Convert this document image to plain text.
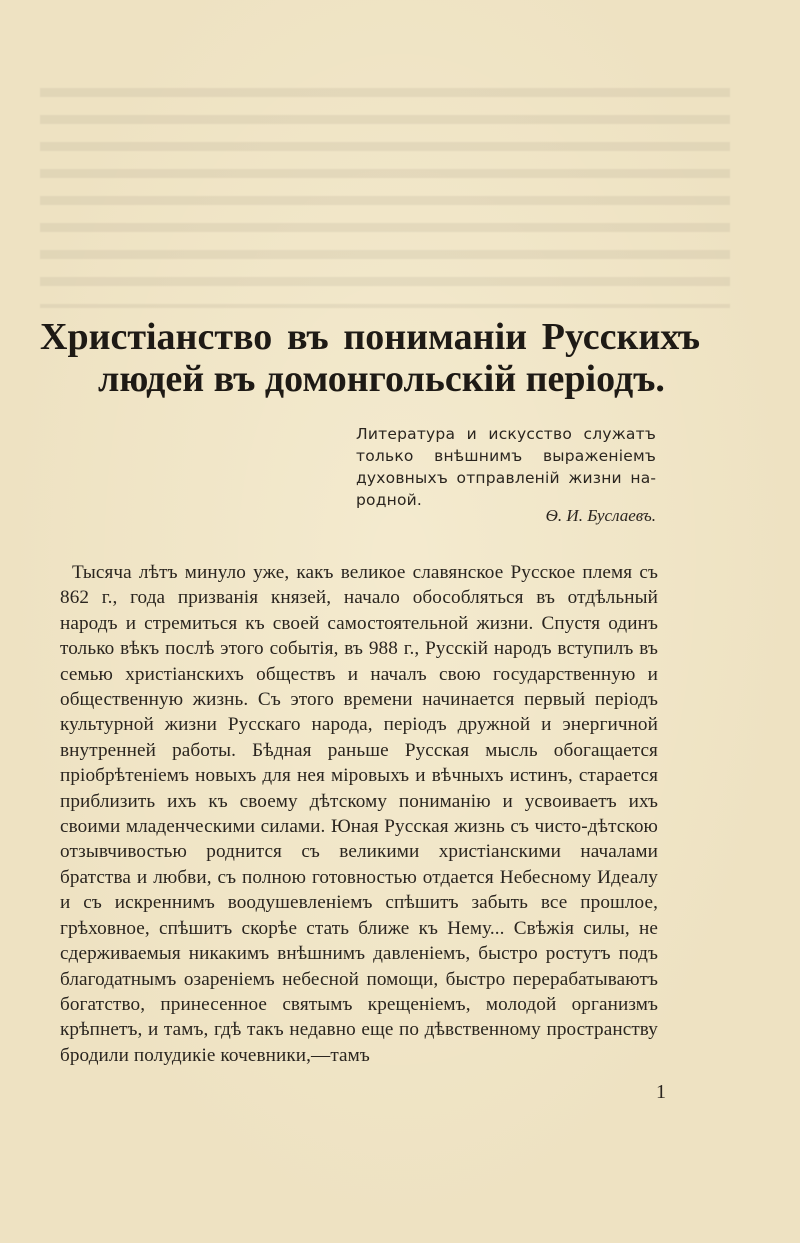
Христіанство въ пониманіи Русскихъ
людей въ домонгольскій періодъ.
Литература и искусство служатъ только внѣшнимъ выраженіемъ духовныхъ отправленій жизни народной.
Ѳ. И. Буслаевъ.

Тысяча лѣтъ минуло уже, какъ великое славянское Русское племя съ 862 г., года призванія князей, начало обособляться въ отдѣльный народъ и стремиться къ своей самостоятельной жизни. Спустя одинъ только вѣкъ послѣ этого событія, въ 988 г., Русскій народъ вступилъ въ семью христіанскихъ обществъ и началъ свою государственную и общественную жизнь. Съ этого времени начинается первый періодъ культурной жизни Русскаго народа, періодъ дружной и энергичной внутренней работы. Бѣдная раньше Русская мысль обогащается пріобрѣтеніемъ новыхъ для нея міровыхъ и вѣчныхъ истинъ, старается приблизить ихъ къ своему дѣтскому пониманію и усвоиваетъ ихъ своими младенческими силами. Юная Русская жизнь съ чисто-дѣтскою отзывчивостью роднится съ великими христіанскими началами братства и любви, съ полною готовностью отдается Небесному Идеалу и съ искреннимъ воодушевленіемъ спѣшитъ забыть все прошлое, грѣховное, спѣшитъ скорѣе стать ближе къ Нему... Свѣжія силы, не сдерживаемыя никакимъ внѣшнимъ давленіемъ, быстро ростутъ подъ благодатнымъ озареніемъ небесной помощи, быстро перерабатываютъ богатство, принесенное святымъ крещеніемъ, молодой организмъ крѣпнетъ, и тамъ, гдѣ такъ недавно еще по дѣвственному пространству бродили полудикіе кочевники,—тамъ

1
